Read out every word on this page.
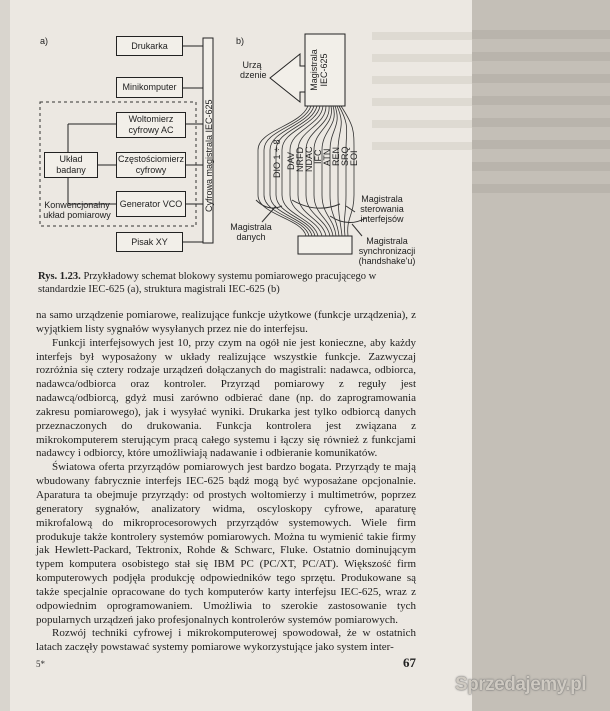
a)	b)
Drukarka
Minikomputer
Woltomierz cyfrowy AC
Układ badany
Częstościomierz cyfrowy
Generator VCO
Pisak XY
Cyfrowa magistrala IEC-625
Konwencjonalny układ pomiarowy
Urzą dzenie	Magistrala IEC-625
DIO 1 ÷ 8 DAV NRFD NDAC IFC ATN REN SRQ EOI
Magistrala danych
Magistrala sterowania interfejsów
Magistrala synchronizacji (handshake'u)
Rys. 1.23. Przykładowy schemat blokowy systemu pomiarowego pracującego w standardzie IEC-625 (a), struktura magistrali IEC-625 (b)

na samo urządzenie pomiarowe, realizujące funkcje użytkowe (funkcje urządzenia), z wyjątkiem listy sygnałów wysyłanych przez nie do interfejsu.

Funkcji interfejsowych jest 10, przy czym na ogół nie jest konieczne, aby każdy interfejs był wyposażony w układy realizujące wszystkie funkcje. Zazwyczaj rozróżnia się cztery rodzaje urządzeń dołączanych do magistrali: nadawca, odbiorca, nadawca/odbiorca oraz kontroler. Przyrząd pomiarowy z reguły jest nadawcą/odbiorcą, gdyż musi zarówno odbierać dane (np. do zaprogramowania zakresu pomiarowego), jak i wysyłać wyniki. Drukarka jest tylko odbiorcą danych przeznaczonych do drukowania. Funkcja kontrolera jest związana z mikrokomputerem sterującym pracą całego systemu i łączy się również z funkcjami nadawcy i odbiorcy, które umożliwiają nadawanie i odbieranie komunikatów.

Światowa oferta przyrządów pomiarowych jest bardzo bogata. Przyrządy te mają wbudowany fabrycznie interfejs IEC-625 bądź mogą być wyposażane opcjonalnie. Aparatura ta obejmuje przyrządy: od prostych woltomierzy i multimetrów, poprzez generatory sygnałów, analizatory widma, oscyloskopy cyfrowe, aparaturę mikrofalową do mikroprocesorowych przyrządów systemowych. Wiele firm produkuje także kontrolery systemów pomiarowych. Można tu wymienić takie firmy jak Hewlett-Packard, Tektronix, Rohde & Schwarc, Fluke. Ostatnio dominującym typem komputera osobistego stał się IBM PC (PC/XT, PC/AT). Większość firm komputerowych podjęła produkcję odpowiedników tego sprzętu. Produkowane są także specjalnie opracowane do tych komputerów karty interfejsu IEC-625, wraz z odpowiednim oprogramowaniem. Umożliwia to szerokie zastosowanie tych popularnych urządzeń jako profesjonalnych kontrolerów systemów pomiarowych.

Rozwój techniki cyfrowej i mikrokomputerowej spowodował, że w ostatnich latach zaczęły powstawać systemy pomiarowe wykorzystujące jako system inter-

5*	67
Sprzedajemy.pl
